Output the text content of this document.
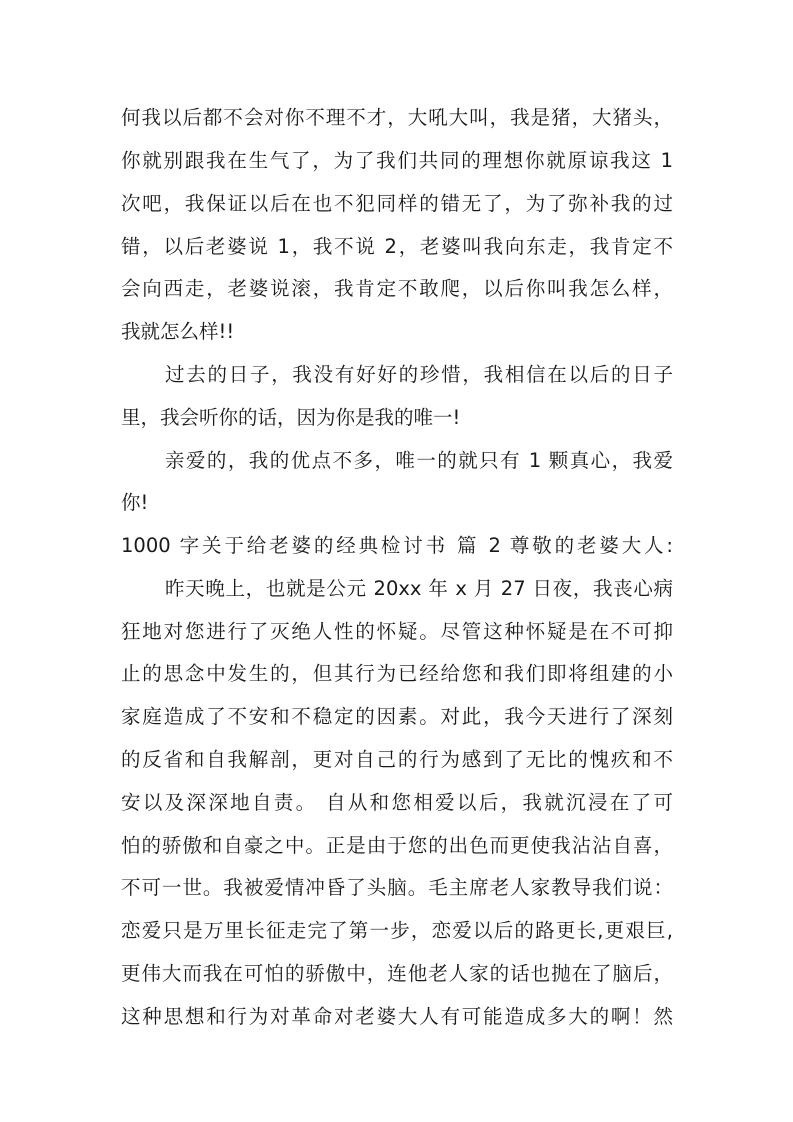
何我以后都不会对你不理不才，大吼大叫，我是猪，大猪头，
你就别跟我在生气了，为了我们共同的理想你就原谅我这 1
次吧，我保证以后在也不犯同样的错无了，为了弥补我的过
错，以后老婆说 1，我不说 2，老婆叫我向东走，我肯定不
会向西走，老婆说滚，我肯定不敢爬，以后你叫我怎么样，
我就怎么样!!
过去的日子，我没有好好的珍惜，我相信在以后的日子
里，我会听你的话，因为你是我的唯一!
亲爱的，我的优点不多，唯一的就只有 1 颗真心，我爱
你!
1000 字关于给老婆的经典检讨书 篇 2 尊敬的老婆大人:
昨天晚上，也就是公元 20xx 年 x 月 27 日夜，我丧心病
狂地对您进行了灭绝人性的怀疑。尽管这种怀疑是在不可抑
止的思念中发生的，但其行为已经给您和我们即将组建的小
家庭造成了不安和不稳定的因素。对此，我今天进行了深刻
的反省和自我解剖，更对自己的行为感到了无比的愧疚和不
安以及深深地自责。 自从和您相爱以后，我就沉浸在了可
怕的骄傲和自豪之中。正是由于您的出色而更使我沾沾自喜，
不可一世。我被爱情冲昏了头脑。毛主席老人家教导我们说：
恋爱只是万里长征走完了第一步，恋爱以后的路更长,更艰巨,
更伟大而我在可怕的骄傲中，连他老人家的话也抛在了脑后，
这种思想和行为对革命对老婆大人有可能造成多大的啊！然
